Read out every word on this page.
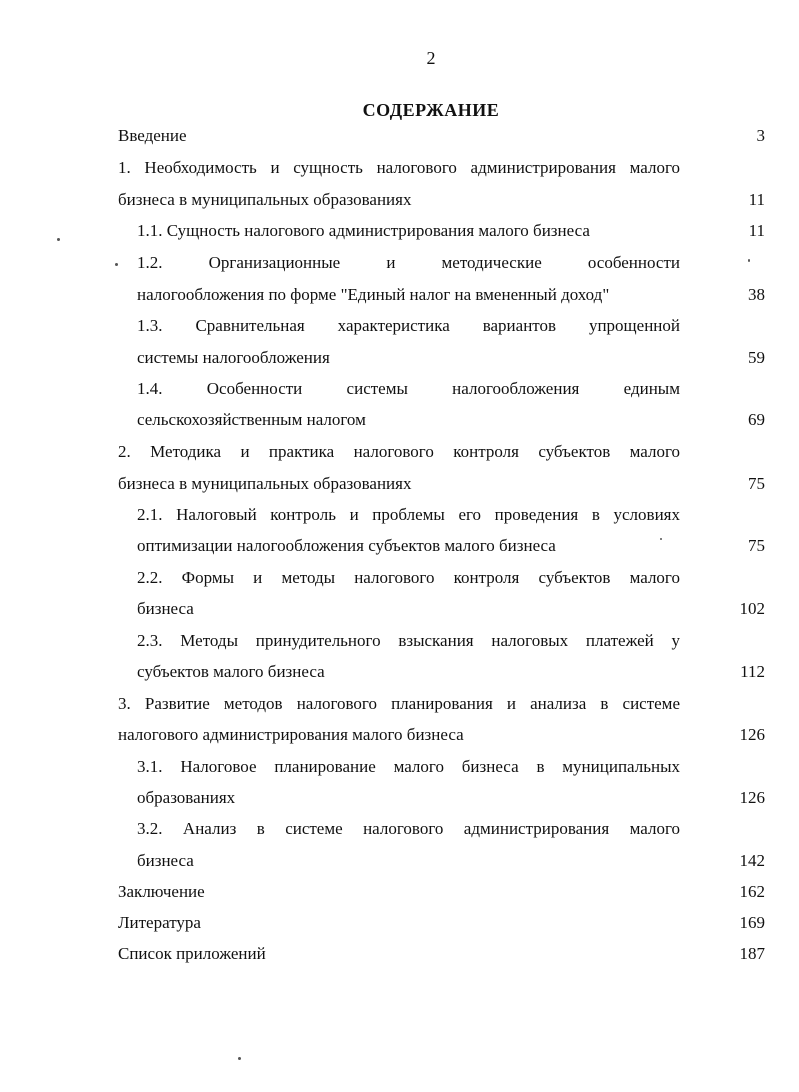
2
СОДЕРЖАНИЕ
Введение	3
1. Необходимость и сущность налогового администрирования малого
бизнеса в муниципальных образованиях	11
1.1. Сущность налогового администрирования малого бизнеса	11
1.2. Организационные и методические особенности
налогообложения по форме "Единый налог на вмененный доход"	38
1.3. Сравнительная характеристика вариантов упрощенной
системы налогообложения	59
1.4. Особенности системы налогообложения единым
сельскохозяйственным налогом	69
2. Методика и практика налогового контроля субъектов малого
бизнеса в муниципальных образованиях	75
2.1. Налоговый контроль и проблемы его проведения в условиях
оптимизации налогообложения субъектов малого бизнеса	75
2.2. Формы и методы налогового контроля субъектов малого
бизнеса	102
2.3. Методы принудительного взыскания налоговых платежей у
субъектов малого бизнеса	112
3. Развитие методов налогового планирования и анализа в системе
налогового администрирования малого бизнеса	126
3.1. Налоговое планирование малого бизнеса в муниципальных
образованиях	126
3.2. Анализ в системе налогового администрирования малого
бизнеса	142
Заключение	162
Литература	169
Список приложений	187
